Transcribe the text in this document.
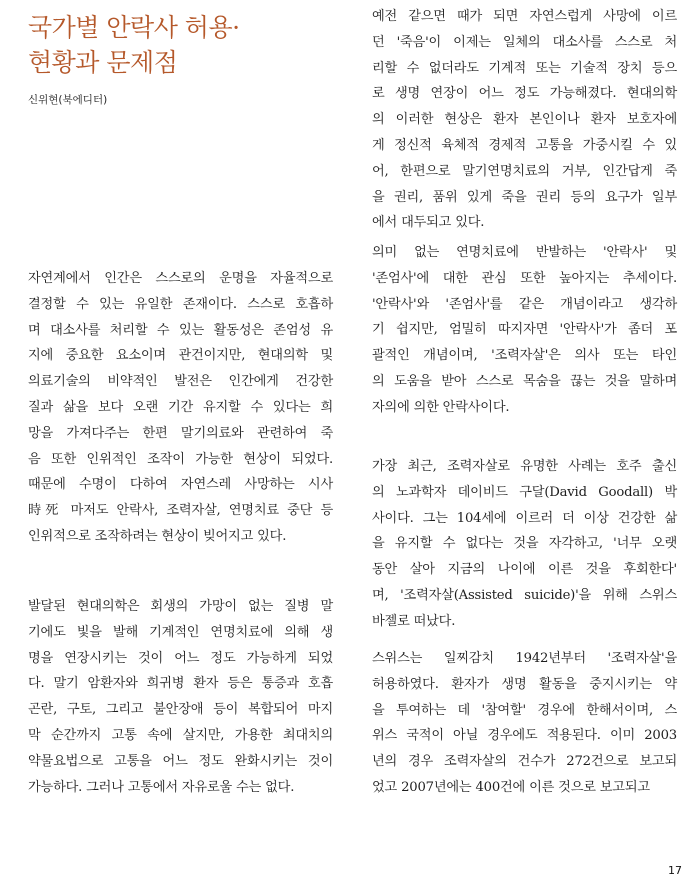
국가별 안락사 허용·
현황과 문제점
신위현(북에디터)
자연계에서 인간은 스스로의 운명을 자율적으로
결정할 수 있는 유일한 존재이다. 스스로 호흡하
며 대소사를 처리할 수 있는 활동성은 존엄성 유
지에 중요한 요소이며 관건이지만, 현대의학 및
의료기술의 비약적인 발전은 인간에게 건강한
질과 삶을 보다 오랜 기간 유지할 수 있다는 희
망을 가져다주는 한편 말기의료와 관련하여 죽
음 또한 인위적인 조작이 가능한 현상이 되었다.
때문에 수명이 다하여 자연스레 사망하는 시사
時死 마저도 안락사, 조력자살, 연명치료 중단 등
인위적으로 조작하려는 현상이 빚어지고 있다.
발달된 현대의학은 회생의 가망이 없는 질병 말
기에도 빛을 발해 기계적인 연명치료에 의해 생
명을 연장시키는 것이 어느 정도 가능하게 되었
다. 말기 암환자와 희귀병 환자 등은 통증과 호흡
곤란, 구토, 그리고 불안장애 등이 복합되어 마지
막 순간까지 고통 속에 살지만, 가용한 최대치의
약물요법으로 고통을 어느 정도 완화시키는 것이
가능하다. 그러나 고통에서 자유로울 수는 없다.
예전 같으면 때가 되면 자연스럽게 사망에 이르
던 '죽음'이 이제는 일체의 대소사를 스스로 처
리할 수 없더라도 기계적 또는 기술적 장치 등으
로 생명 연장이 어느 정도 가능해졌다. 현대의학
의 이러한 현상은 환자 본인이나 환자 보호자에
게 정신적 육체적 경제적 고통을 가중시킬 수 있
어, 한편으로 말기연명치료의 거부, 인간답게 죽
을 권리, 품위 있게 죽을 권리 등의 요구가 일부
에서 대두되고 있다.
의미 없는 연명치료에 반발하는 '안락사' 및
'존엄사'에 대한 관심 또한 높아지는 추세이다.
'안락사'와 '존엄사'를 같은 개념이라고 생각하
기 쉽지만, 엄밀히 따지자면 '안락사'가 좀더 포
괄적인 개념이며, '조력자살'은 의사 또는 타인
의 도움을 받아 스스로 목숨을 끊는 것을 말하며
자의에 의한 안락사이다.
가장 최근, 조력자살로 유명한 사례는 호주 출신
의 노과학자 데이비드 구달(David Goodall) 박
사이다. 그는 104세에 이르러 더 이상 건강한 삶
을 유지할 수 없다는 것을 자각하고, '너무 오랫
동안 살아 지금의 나이에 이른 것을 후회한다'
며, '조력자살(Assisted suicide)'을 위해 스위스
바젤로 떠났다.
스위스는 일찌감치 1942년부터 '조력자살'을
허용하였다. 환자가 생명 활동을 중지시키는 약
을 투여하는 데 '참여할' 경우에 한해서이며, 스
위스 국적이 아닐 경우에도 적용된다. 이미 2003
년의 경우 조력자살의 건수가 272건으로 보고되
었고 2007년에는 400건에 이른 것으로 보고되고
17
